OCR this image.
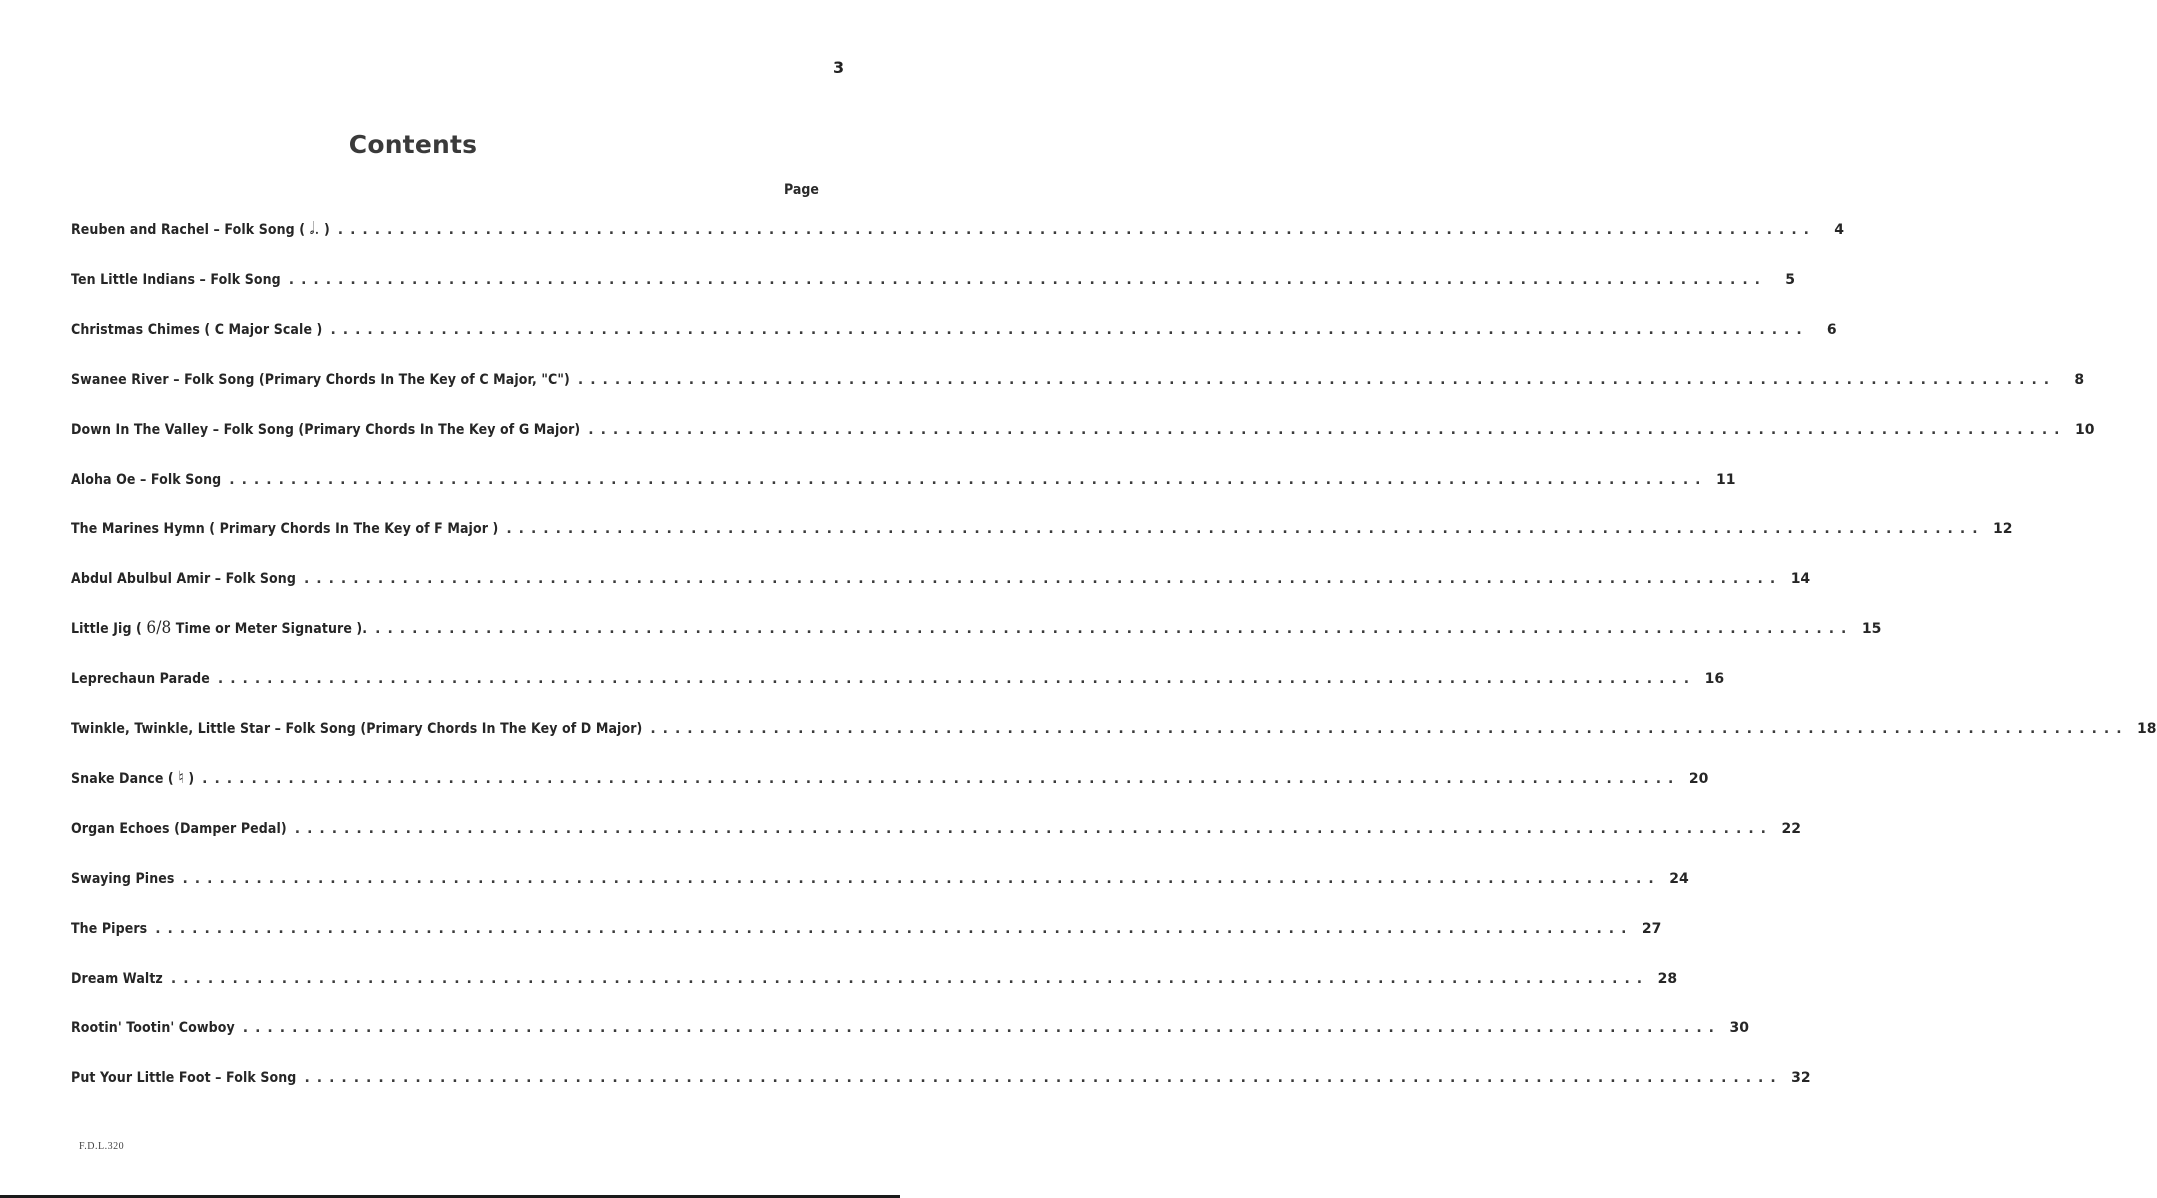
3
Contents
Page
Reuben and Rachel – Folk Song ( 𝅗𝅥. ) ........................................................................................................................	4
Ten Little Indians – Folk Song ........................................................................................................................	5
Christmas Chimes ( C Major Scale ) ........................................................................................................................	6
Swanee River – Folk Song (Primary Chords In The Key of C Major, "C") ........................................................................................................................	8
Down In The Valley – Folk Song (Primary Chords In The Key of G Major) ........................................................................................................................ 10
Aloha Oe – Folk Song ........................................................................................................................ 11
The Marines Hymn ( Primary Chords In The Key of F Major ) ........................................................................................................................ 12
Abdul Abulbul Amir – Folk Song ........................................................................................................................ 14
Little Jig ( 6/8 Time or Meter Signature ). ........................................................................................................................ 15
Leprechaun Parade ........................................................................................................................ 16
Twinkle, Twinkle, Little Star – Folk Song (Primary Chords In The Key of D Major) ........................................................................................................................ 18
Snake Dance ( ♮ ) ........................................................................................................................ 20
Organ Echoes (Damper Pedal) ........................................................................................................................ 22
Swaying Pines ........................................................................................................................ 24
The Pipers ........................................................................................................................ 27
Dream Waltz ........................................................................................................................ 28
Rootin' Tootin' Cowboy ........................................................................................................................ 30
Put Your Little Foot – Folk Song ........................................................................................................................ 32
F.D.L.320
